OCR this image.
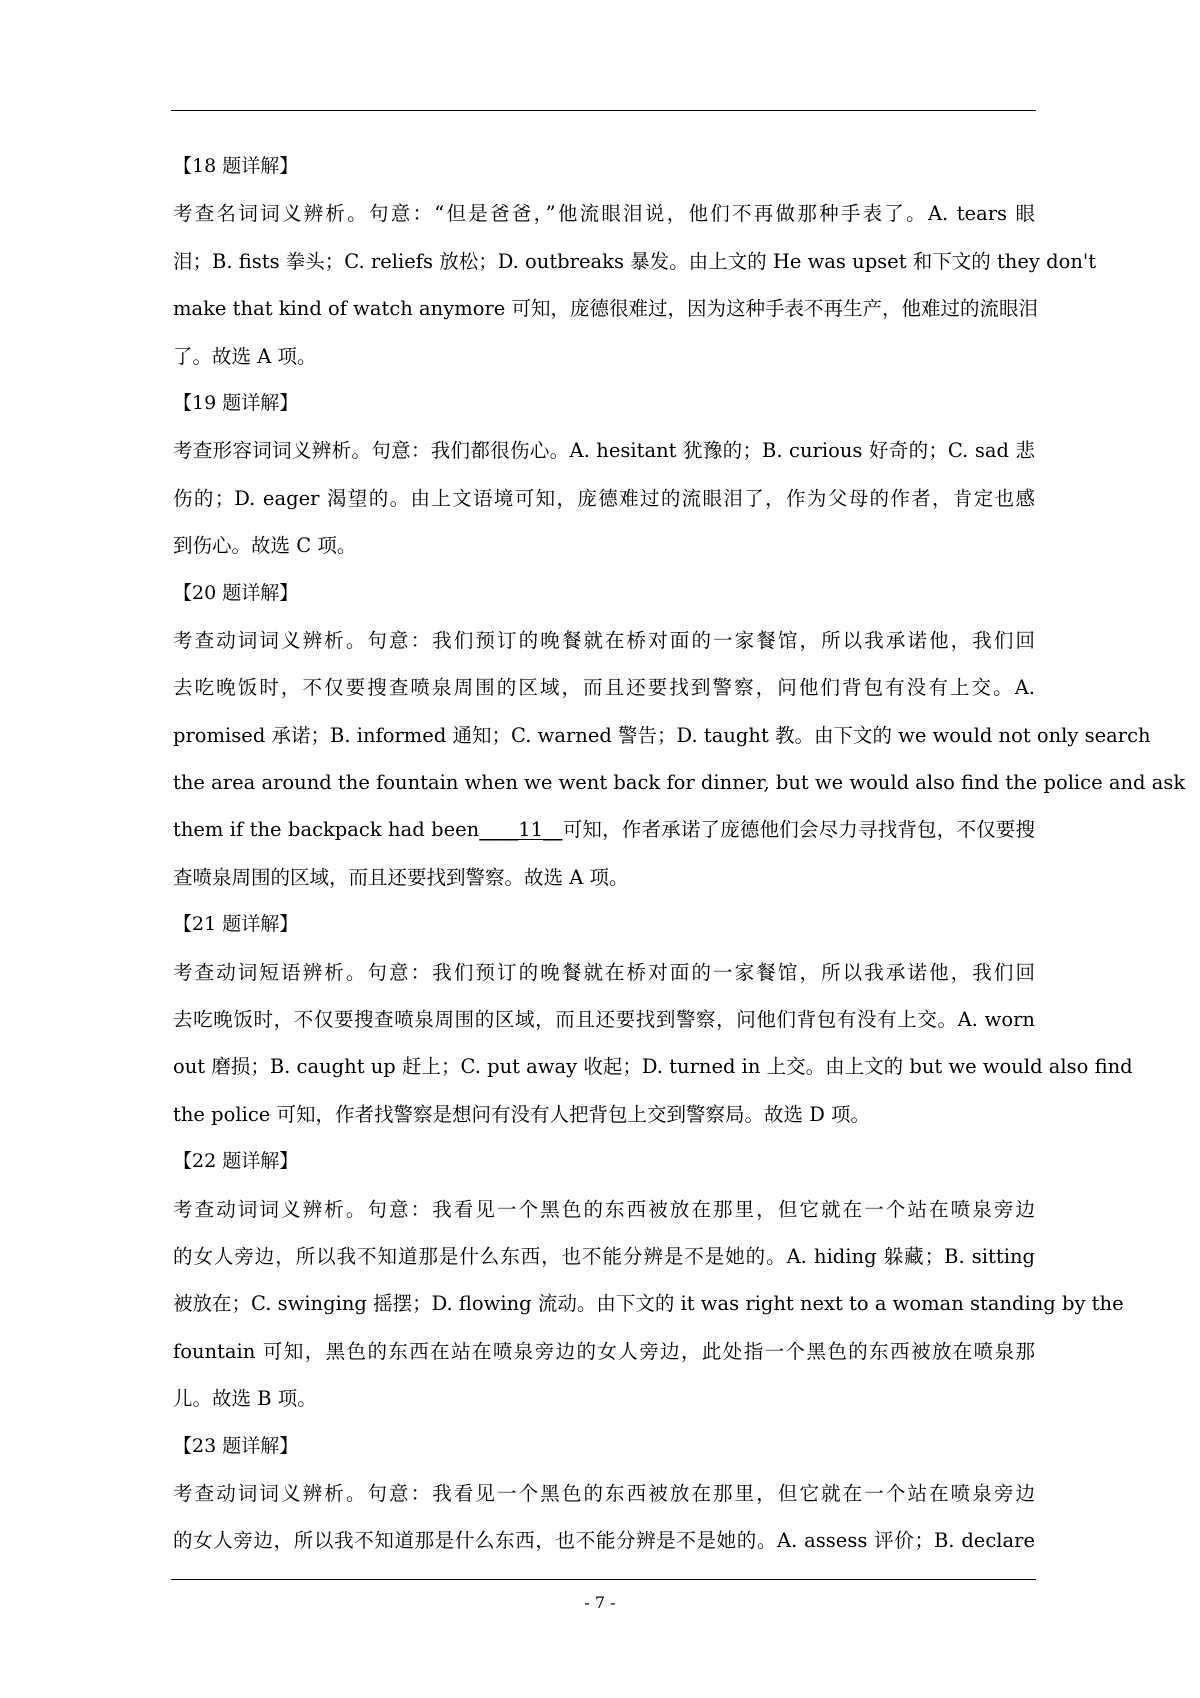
【18 题详解】
考查名词词义辨析。句意：“但是爸爸，”他流眼泪说，他们不再做那种手表了。A. tears 眼
泪；B. fists 拳头；C. reliefs 放松；D. outbreaks 暴发。由上文的 He was upset 和下文的 they don't
make that kind of watch anymore 可知，庞德很难过，因为这种手表不再生产，他难过的流眼泪
了。故选 A 项。
【19 题详解】
考查形容词词义辨析。句意：我们都很伤心。A. hesitant 犹豫的；B. curious 好奇的；C. sad 悲
伤的；D. eager 渴望的。由上文语境可知，庞德难过的流眼泪了，作为父母的作者，肯定也感
到伤心。故选 C 项。
【20 题详解】
考查动词词义辨析。句意：我们预订的晚餐就在桥对面的一家餐馆，所以我承诺他，我们回
去吃晚饭时，不仅要搜查喷泉周围的区域，而且还要找到警察，问他们背包有没有上交。A.
promised 承诺；B. informed 通知；C. warned 警告；D. taught 教。由下文的 we would not only search
the area around the fountain when we went back for dinner, but we would also find the police and ask
them if the backpack had been____11__可知，作者承诺了庞德他们会尽力寻找背包，不仅要搜
查喷泉周围的区域，而且还要找到警察。故选 A 项。
【21 题详解】
考查动词短语辨析。句意：我们预订的晚餐就在桥对面的一家餐馆，所以我承诺他，我们回
去吃晚饭时，不仅要搜查喷泉周围的区域，而且还要找到警察，问他们背包有没有上交。A. worn
out 磨损；B. caught up 赶上；C. put away 收起；D. turned in 上交。由上文的 but we would also find
the police 可知，作者找警察是想问有没有人把背包上交到警察局。故选 D 项。
【22 题详解】
考查动词词义辨析。句意：我看见一个黑色的东西被放在那里，但它就在一个站在喷泉旁边
的女人旁边，所以我不知道那是什么东西，也不能分辨是不是她的。A. hiding 躲藏；B. sitting
被放在；C. swinging 摇摆；D. flowing 流动。由下文的 it was right next to a woman standing by the
fountain 可知，黑色的东西在站在喷泉旁边的女人旁边，此处指一个黑色的东西被放在喷泉那
儿。故选 B 项。
【23 题详解】
考查动词词义辨析。句意：我看见一个黑色的东西被放在那里，但它就在一个站在喷泉旁边
的女人旁边，所以我不知道那是什么东西，也不能分辨是不是她的。A. assess 评价；B. declare
- 7 -
